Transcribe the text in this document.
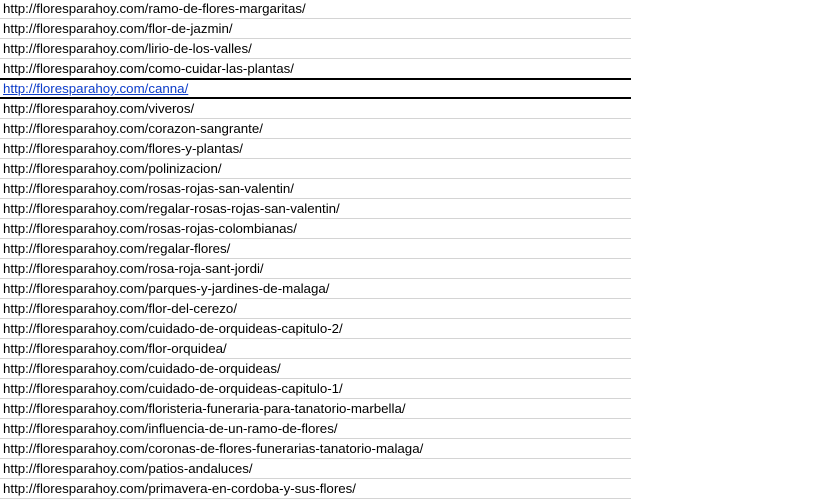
http://floresparahoy.com/ramo-de-flores-margaritas/
http://floresparahoy.com/flor-de-jazmin/
http://floresparahoy.com/lirio-de-los-valles/
http://floresparahoy.com/como-cuidar-las-plantas/
http://floresparahoy.com/canna/
http://floresparahoy.com/viveros/
http://floresparahoy.com/corazon-sangrante/
http://floresparahoy.com/flores-y-plantas/
http://floresparahoy.com/polinizacion/
http://floresparahoy.com/rosas-rojas-san-valentin/
http://floresparahoy.com/regalar-rosas-rojas-san-valentin/
http://floresparahoy.com/rosas-rojas-colombianas/
http://floresparahoy.com/regalar-flores/
http://floresparahoy.com/rosa-roja-sant-jordi/
http://floresparahoy.com/parques-y-jardines-de-malaga/
http://floresparahoy.com/flor-del-cerezo/
http://floresparahoy.com/cuidado-de-orquideas-capitulo-2/
http://floresparahoy.com/flor-orquidea/
http://floresparahoy.com/cuidado-de-orquideas/
http://floresparahoy.com/cuidado-de-orquideas-capitulo-1/
http://floresparahoy.com/floristeria-funeraria-para-tanatorio-marbella/
http://floresparahoy.com/influencia-de-un-ramo-de-flores/
http://floresparahoy.com/coronas-de-flores-funerarias-tanatorio-malaga/
http://floresparahoy.com/patios-andaluces/
http://floresparahoy.com/primavera-en-cordoba-y-sus-flores/
